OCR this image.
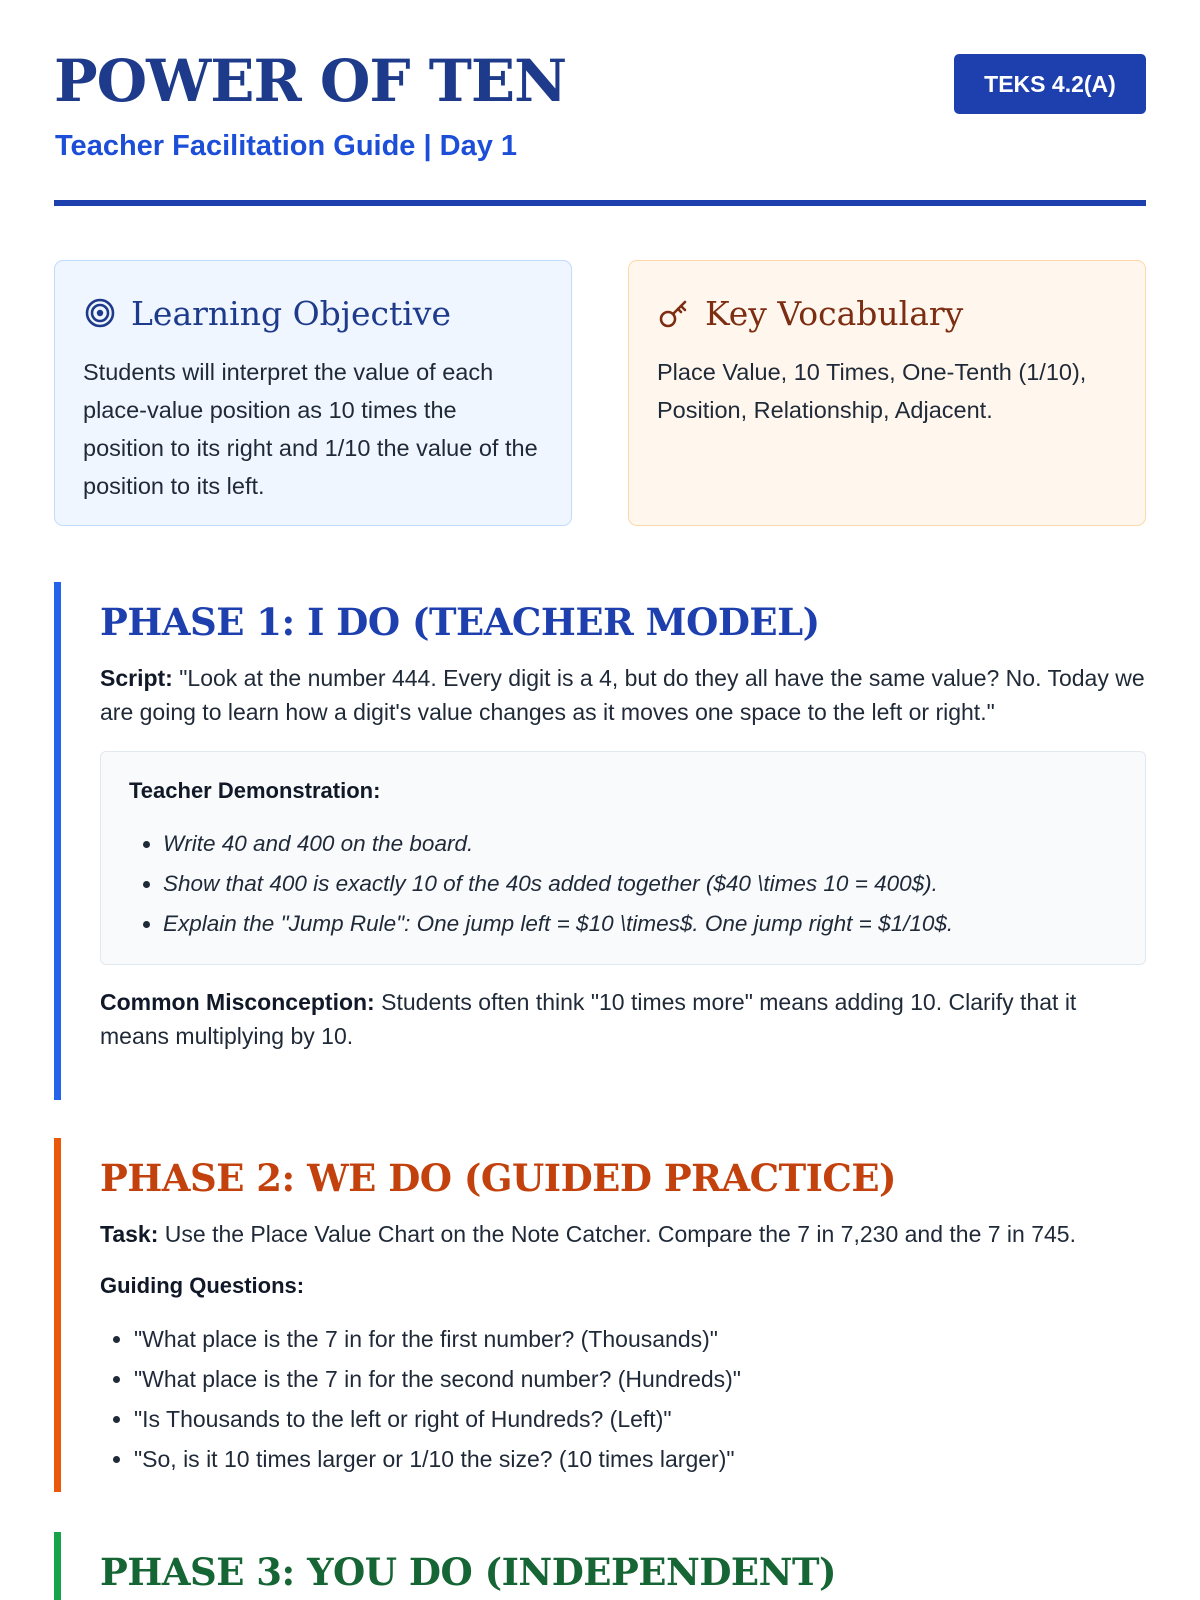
POWER OF TEN
Teacher Facilitation Guide | Day 1
TEKS 4.2(A)
Learning Objective
Students will interpret the value of each place-value position as 10 times the position to its right and 1/10 the value of the position to its left.
Key Vocabulary
Place Value, 10 Times, One-Tenth (1/10), Position, Relationship, Adjacent.
PHASE 1: I DO (TEACHER MODEL)

Script: "Look at the number 444. Every digit is a 4, but do they all have the same value? No. Today we are going to learn how a digit's value changes as it moves one space to the left or right."

Teacher Demonstration:
• Write 40 and 400 on the board.
• Show that 400 is exactly 10 of the 40s added together ($40 \times 10 = 400$).
• Explain the "Jump Rule": One jump left = $10 \times$. One jump right = $1/10$.

Common Misconception: Students often think "10 times more" means adding 10. Clarify that it means multiplying by 10.

PHASE 2: WE DO (GUIDED PRACTICE)

Task: Use the Place Value Chart on the Note Catcher. Compare the 7 in 7,230 and the 7 in 745.

Guiding Questions:
• "What place is the 7 in for the first number? (Thousands)"
• "What place is the 7 in for the second number? (Hundreds)"
• "Is Thousands to the left or right of Hundreds? (Left)"
• "So, is it 10 times larger or 1/10 the size? (10 times larger)"
PHASE 3: YOU DO (INDEPENDENT)
